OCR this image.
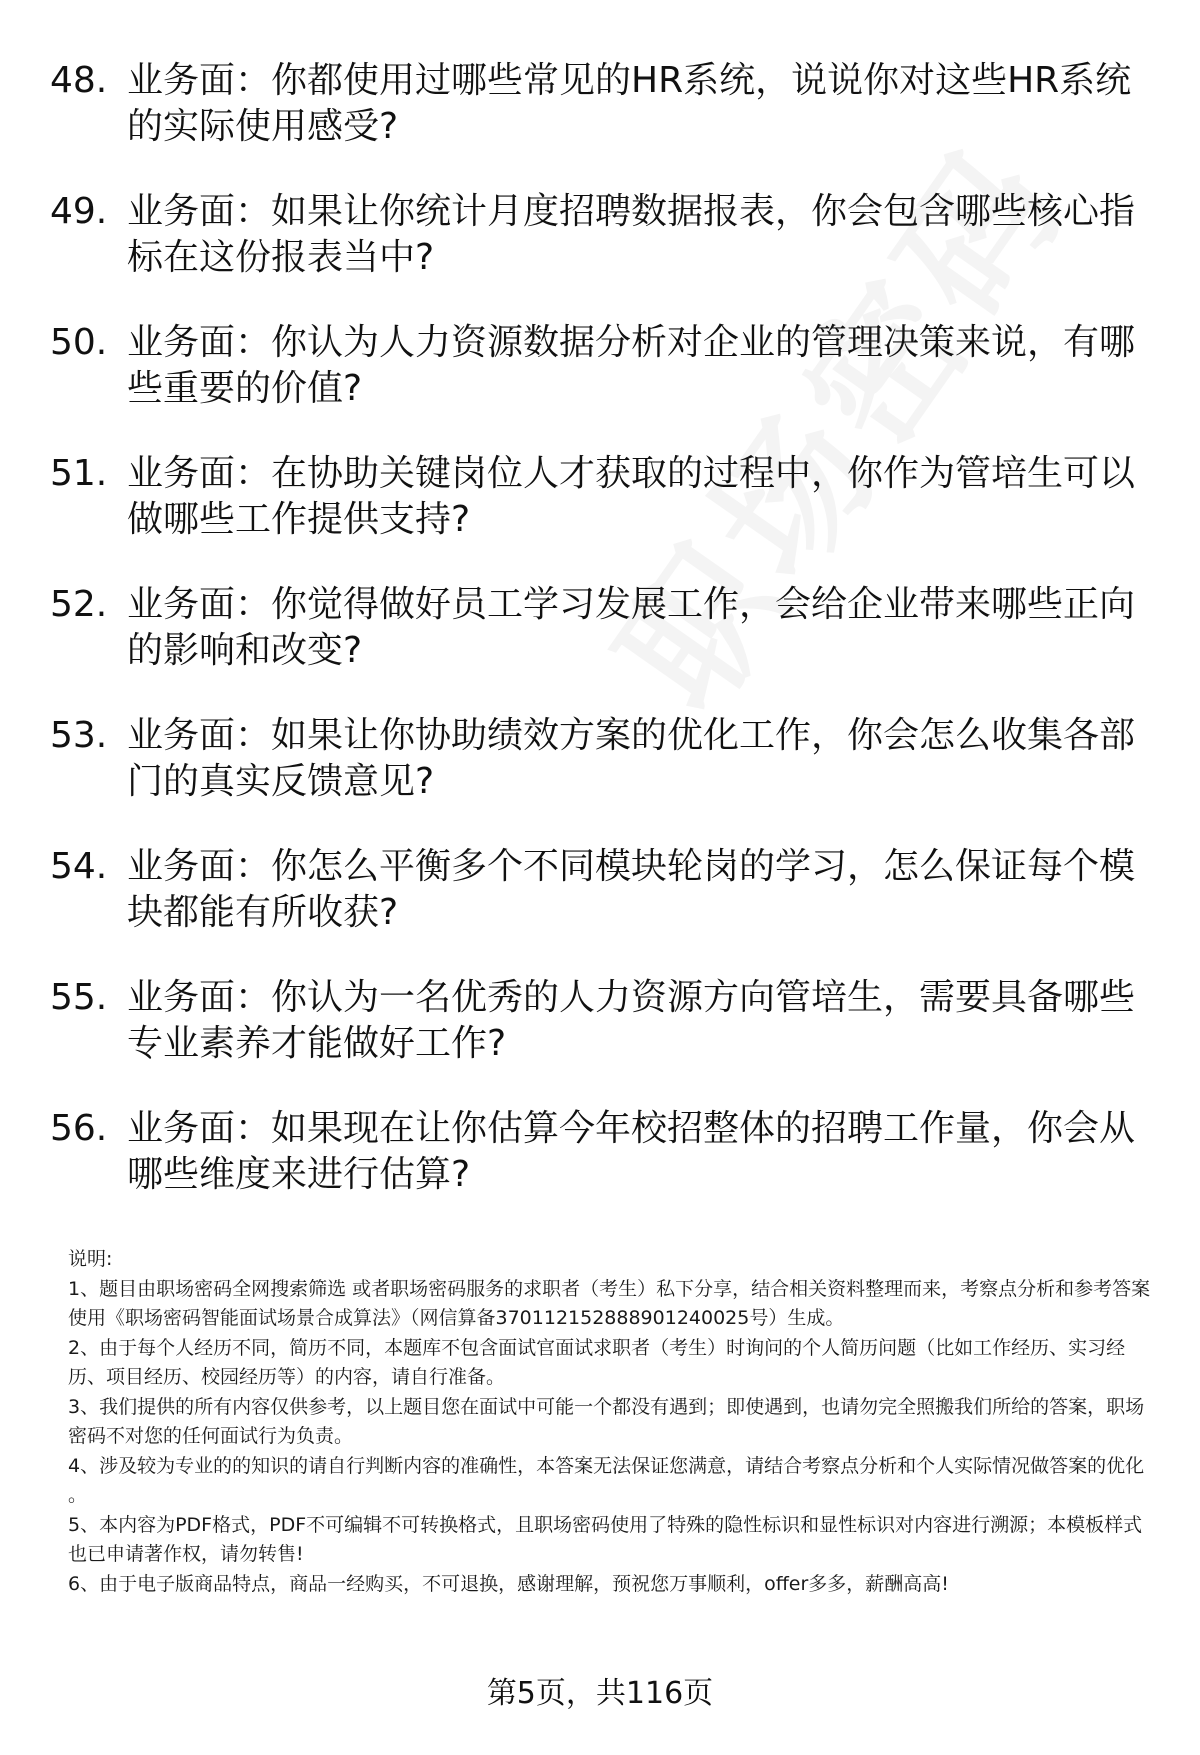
48. 业务面：你都使用过哪些常见的HR系统，说说你对这些HR系统的实际使用感受?
49. 业务面：如果让你统计月度招聘数据报表，你会包含哪些核心指标在这份报表当中?
50. 业务面：你认为人力资源数据分析对企业的管理决策来说，有哪些重要的价值?
51. 业务面：在协助关键岗位人才获取的过程中，你作为管培生可以做哪些工作提供支持?
52. 业务面：你觉得做好员工学习发展工作，会给企业带来哪些正向的影响和改变?
53. 业务面：如果让你协助绩效方案的优化工作，你会怎么收集各部门的真实反馈意见?
54. 业务面：你怎么平衡多个不同模块轮岗的学习，怎么保证每个模块都能有所收获?
55. 业务面：你认为一名优秀的人力资源方向管培生，需要具备哪些专业素养才能做好工作?
56. 业务面：如果现在让你估算今年校招整体的招聘工作量，你会从哪些维度来进行估算?

说明:

1、题目由职场密码全网搜索筛选 或者职场密码服务的求职者（考生）私下分享，结合相关资料整理而来，考察点分析和参考答案使用《职场密码智能面试场景合成算法》（网信算备370112152888901240025号）生成。

2、由于每个人经历不同，简历不同，本题库不包含面试官面试求职者（考生）时询问的个人简历问题（比如工作经历、实习经历、项目经历、校园经历等）的内容，请自行准备。

3、我们提供的所有内容仅供参考，以上题目您在面试中可能一个都没有遇到；即使遇到，也请勿完全照搬我们所给的答案，职场密码不对您的任何面试行为负责。

4、涉及较为专业的的知识的请自行判断内容的准确性，本答案无法保证您满意，请结合考察点分析和个人实际情况做答案的优化 。

5、本内容为PDF格式，PDF不可编辑不可转换格式，且职场密码使用了特殊的隐性标识和显性标识对内容进行溯源；本模板样式也已申请著作权，请勿转售!

6、由于电子版商品特点，商品一经购买，不可退换，感谢理解，预祝您万事顺利，offer多多，薪酬高高!

第5页，共116页
